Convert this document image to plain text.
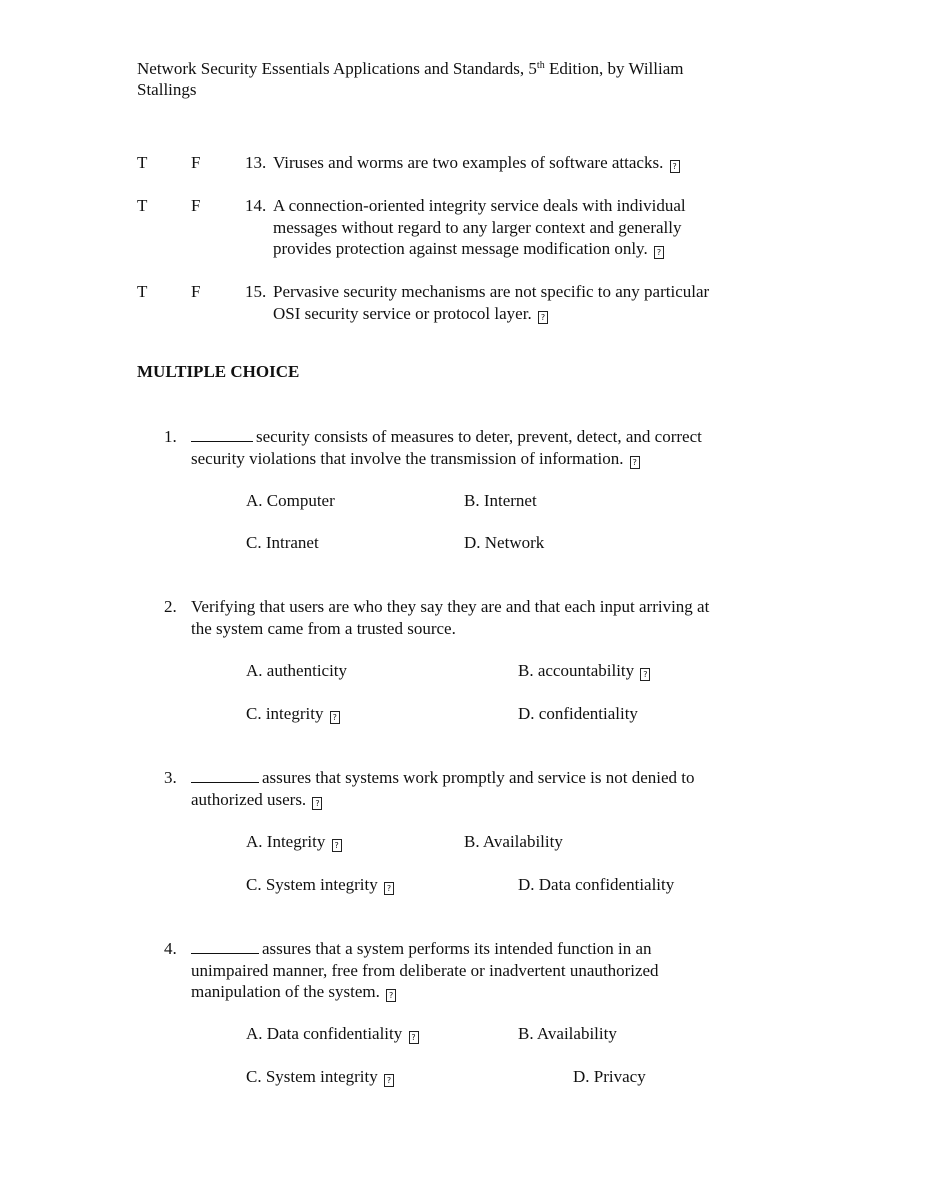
Network Security Essentials Applications and Standards, 5th Edition, by William
Stallings
T	F	13. Viruses and worms are two examples of software attacks. ?
T	F	14. A connection-oriented integrity service deals with individual
messages without regard to any larger context and generally
provides protection against message modification only. ?
T	F	15. Pervasive security mechanisms are not specific to any particular
OSI security service or protocol layer. ?
MULTIPLE CHOICE
1.	security consists of measures to deter, prevent, detect, and correct
security violations that involve the transmission of information. ?
A. Computer	B. Internet
C. Intranet	D. Network
2. Verifying that users are who they say they are and that each input arriving at
the system came from a trusted source.
A. authenticity	B. accountability ?
C. integrity ?	D. confidentiality
3.	assures that systems work promptly and service is not denied to
authorized users. ?
A. Integrity ?	B. Availability
C. System integrity ?	D. Data confidentiality
4.	assures that a system performs its intended function in an
unimpaired manner, free from deliberate or inadvertent unauthorized
manipulation of the system. ?
A. Data confidentiality ?	B. Availability
C. System integrity ?	D. Privacy
